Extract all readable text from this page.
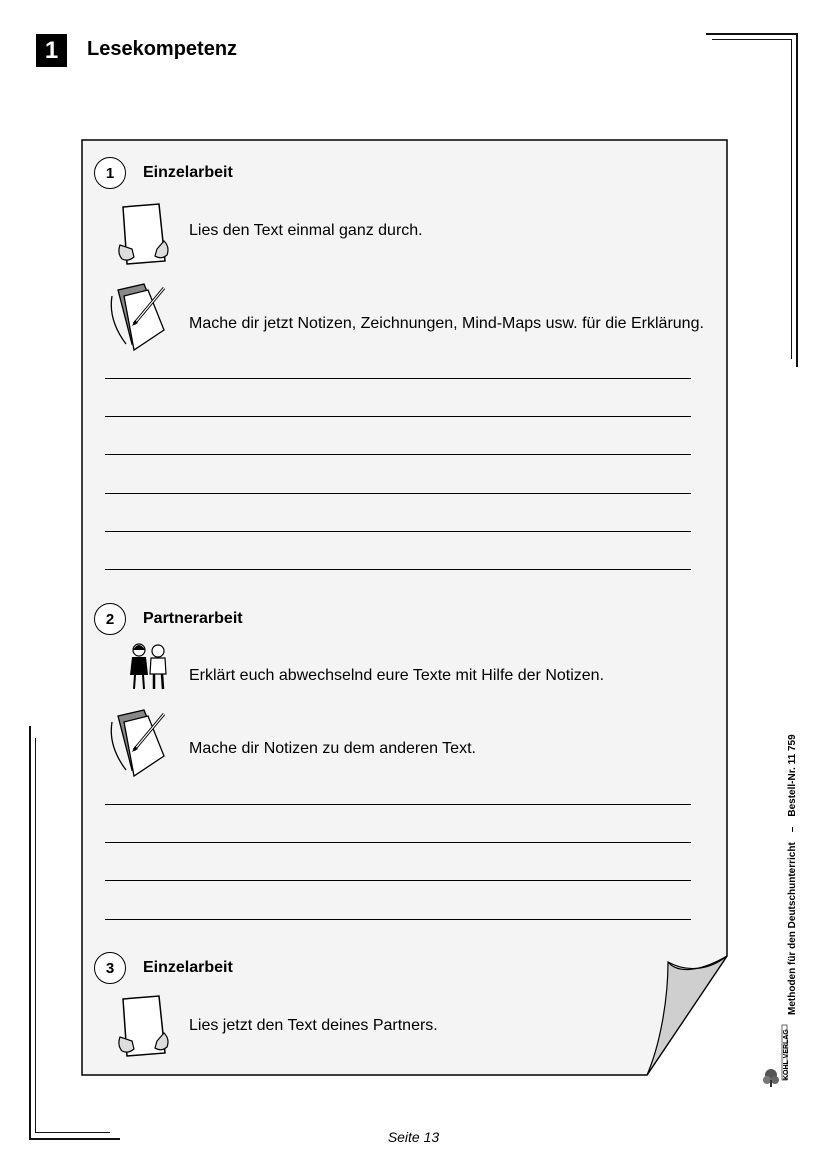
1 Lesekompetenz
1 Einzelarbeit
Lies den Text einmal ganz durch.
Mache dir jetzt Notizen, Zeichnungen, Mind-Maps usw. für die Erklärung.
2 Partnerarbeit
Erklärt euch abwechselnd eure Texte mit Hilfe der Notizen.
Mache dir Notizen zu dem anderen Text.
3 Einzelarbeit
Lies jetzt den Text deines Partners.
Methoden für den Deutschunterricht–Bestell-Nr. 11 759
KOHL VERLAG
Seite 13
